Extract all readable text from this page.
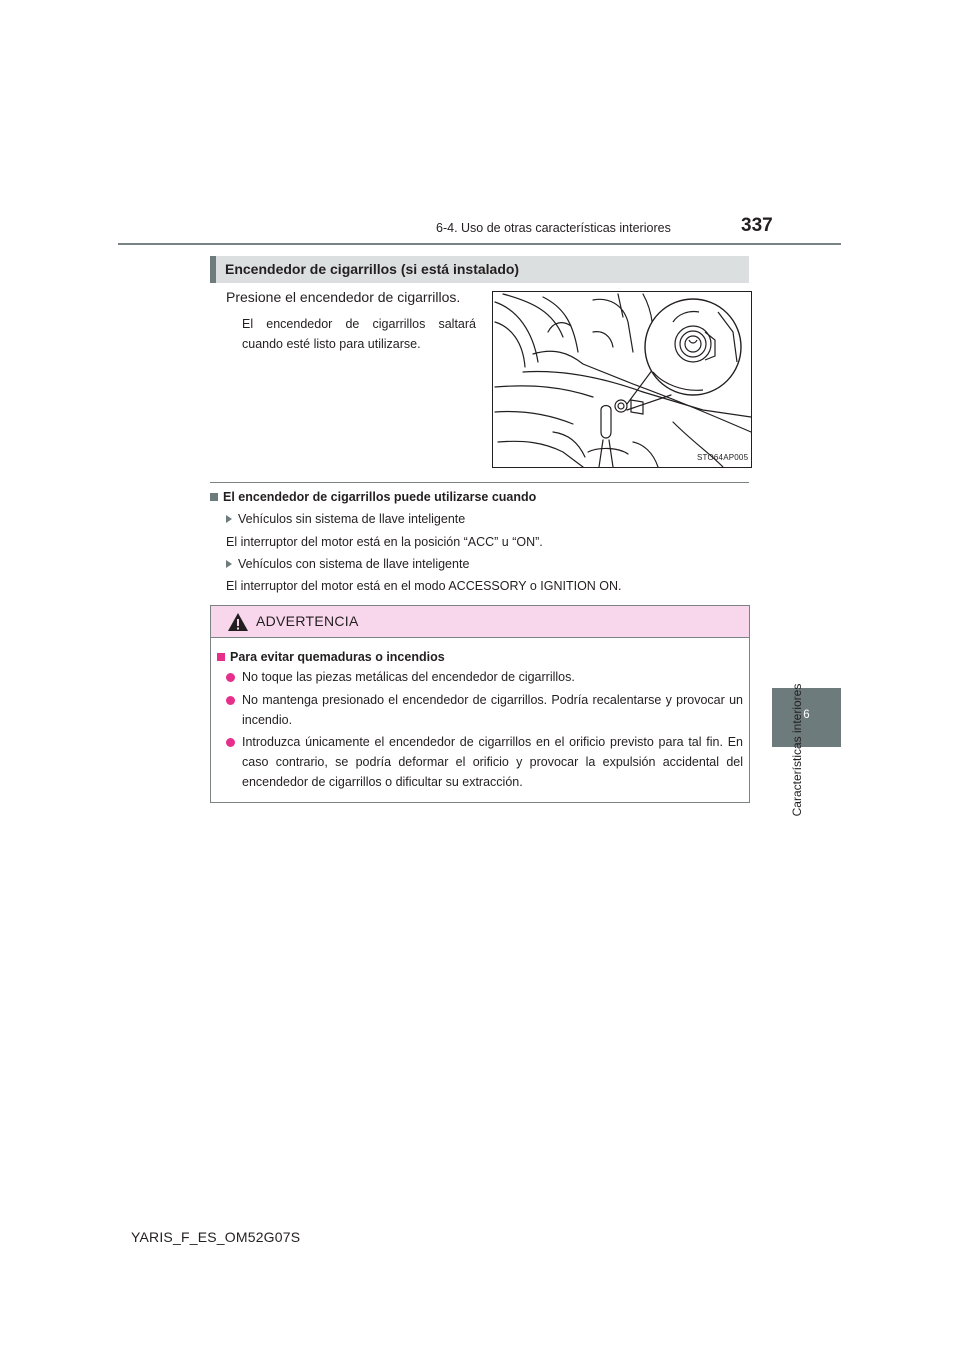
6-4. Uso de otras características interiores	337
6
Características interiores
Encendedor de cigarrillos (si está instalado)
Presione el encendedor de cigarrillos.
El encendedor de cigarrillos saltará cuando esté listo para utilizarse.
STO64AP005
El encendedor de cigarrillos puede utilizarse cuando
Vehículos sin sistema de llave inteligente
El interruptor del motor está en la posición “ACC” u “ON”.
Vehículos con sistema de llave inteligente
El interruptor del motor está en el modo ACCESSORY o IGNITION ON.
ADVERTENCIA
Para evitar quemaduras o incendios
No toque las piezas metálicas del encendedor de cigarrillos.
No mantenga presionado el encendedor de cigarrillos. Podría recalentarse y provocar un incendio.
Introduzca únicamente el encendedor de cigarrillos en el orificio previsto para tal fin. En caso contrario, se podría deformar el orificio y provocar la expulsión accidental del encendedor de cigarrillos o dificultar su extracción.
YARIS_F_ES_OM52G07S
